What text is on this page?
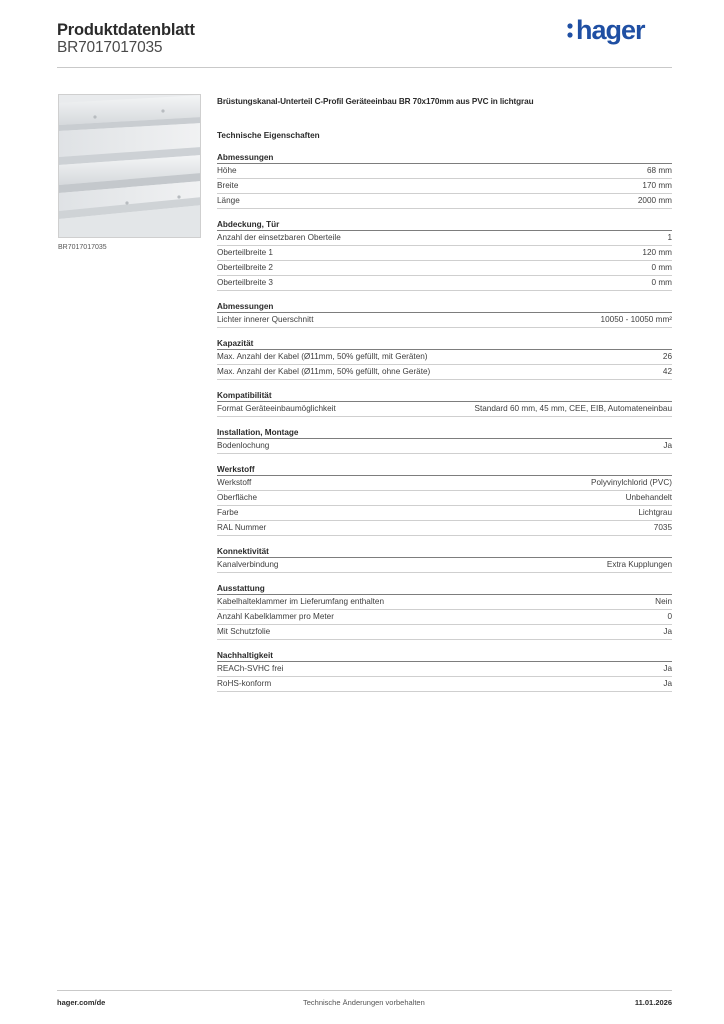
Produktdatenblatt
BR7017017035
hager
BR7017017035
Brüstungskanal-Unterteil C-Profil Geräteeinbau BR 70x170mm aus PVC in lichtgrau
Technische Eigenschaften
Abmessungen
Höhe	68 mm
Breite	170 mm
Länge	2000 mm
Abdeckung, Tür
Anzahl der einsetzbaren Oberteile	1
Oberteilbreite 1	120 mm
Oberteilbreite 2	0 mm
Oberteilbreite 3	0 mm
Abmessungen
Lichter innerer Querschnitt	10050 - 10050 mm²
Kapazität
Max. Anzahl der Kabel (Ø11mm, 50% gefüllt, mit Geräten)	26
Max. Anzahl der Kabel (Ø11mm, 50% gefüllt, ohne Geräte)	42
Kompatibilität
Format Geräteeinbaumöglichkeit	Standard 60 mm, 45 mm, CEE, EIB, Automateneinbau
Installation, Montage
Bodenlochung	Ja
Werkstoff
Werkstoff	Polyvinylchlorid (PVC)
Oberfläche	Unbehandelt
Farbe	Lichtgrau
RAL Nummer	7035
Konnektivität
Kanalverbindung	Extra Kupplungen
Ausstattung
Kabelhalteklammer im Lieferumfang enthalten	Nein
Anzahl Kabelklammer pro Meter	0
Mit Schutzfolie	Ja
Nachhaltigkeit
REACh-SVHC frei	Ja
RoHS-konform	Ja
hager.com/de	Technische Änderungen vorbehalten	11.01.2026
